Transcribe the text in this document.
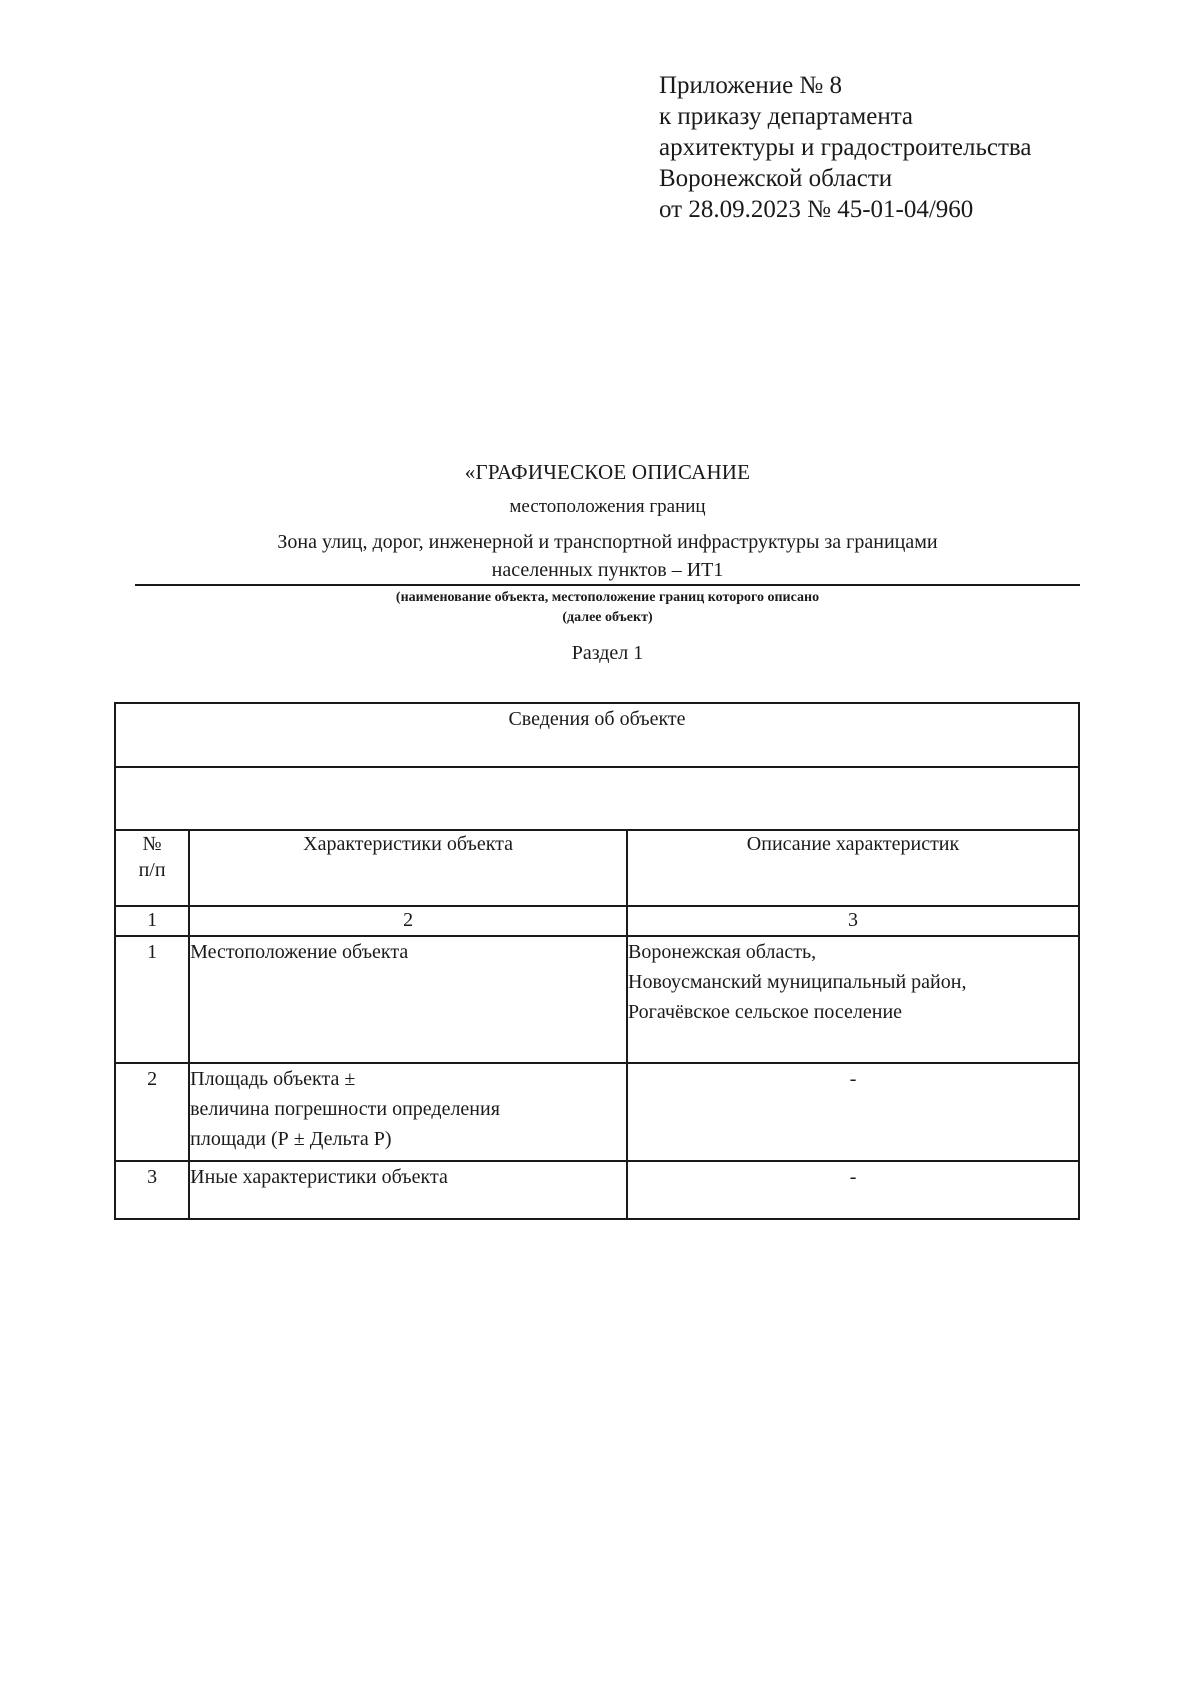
Приложение № 8
к приказу департамента
архитектуры и градостроительства
Воронежской области
от 28.09.2023 № 45-01-04/960
«ГРАФИЧЕСКОЕ ОПИСАНИЕ
местоположения границ
Зона улиц, дорог, инженерной и транспортной инфраструктуры за границами
населенных пунктов – ИТ1
(наименование объекта, местоположение границ которого описано
(далее объект)
Раздел 1
Сведения об объекте		

№
п/п	Характеристики объекта	Описание характеристик
1	2	3
1	Местоположение объекта	Воронежская область,
Новоусманский муниципальный район,
Рогачёвское сельское поселение

2	Площадь объекта ±
величина погрешности определения
площади (Р ± Дельта Р)	-
3	Иные характеристики объекта	-
